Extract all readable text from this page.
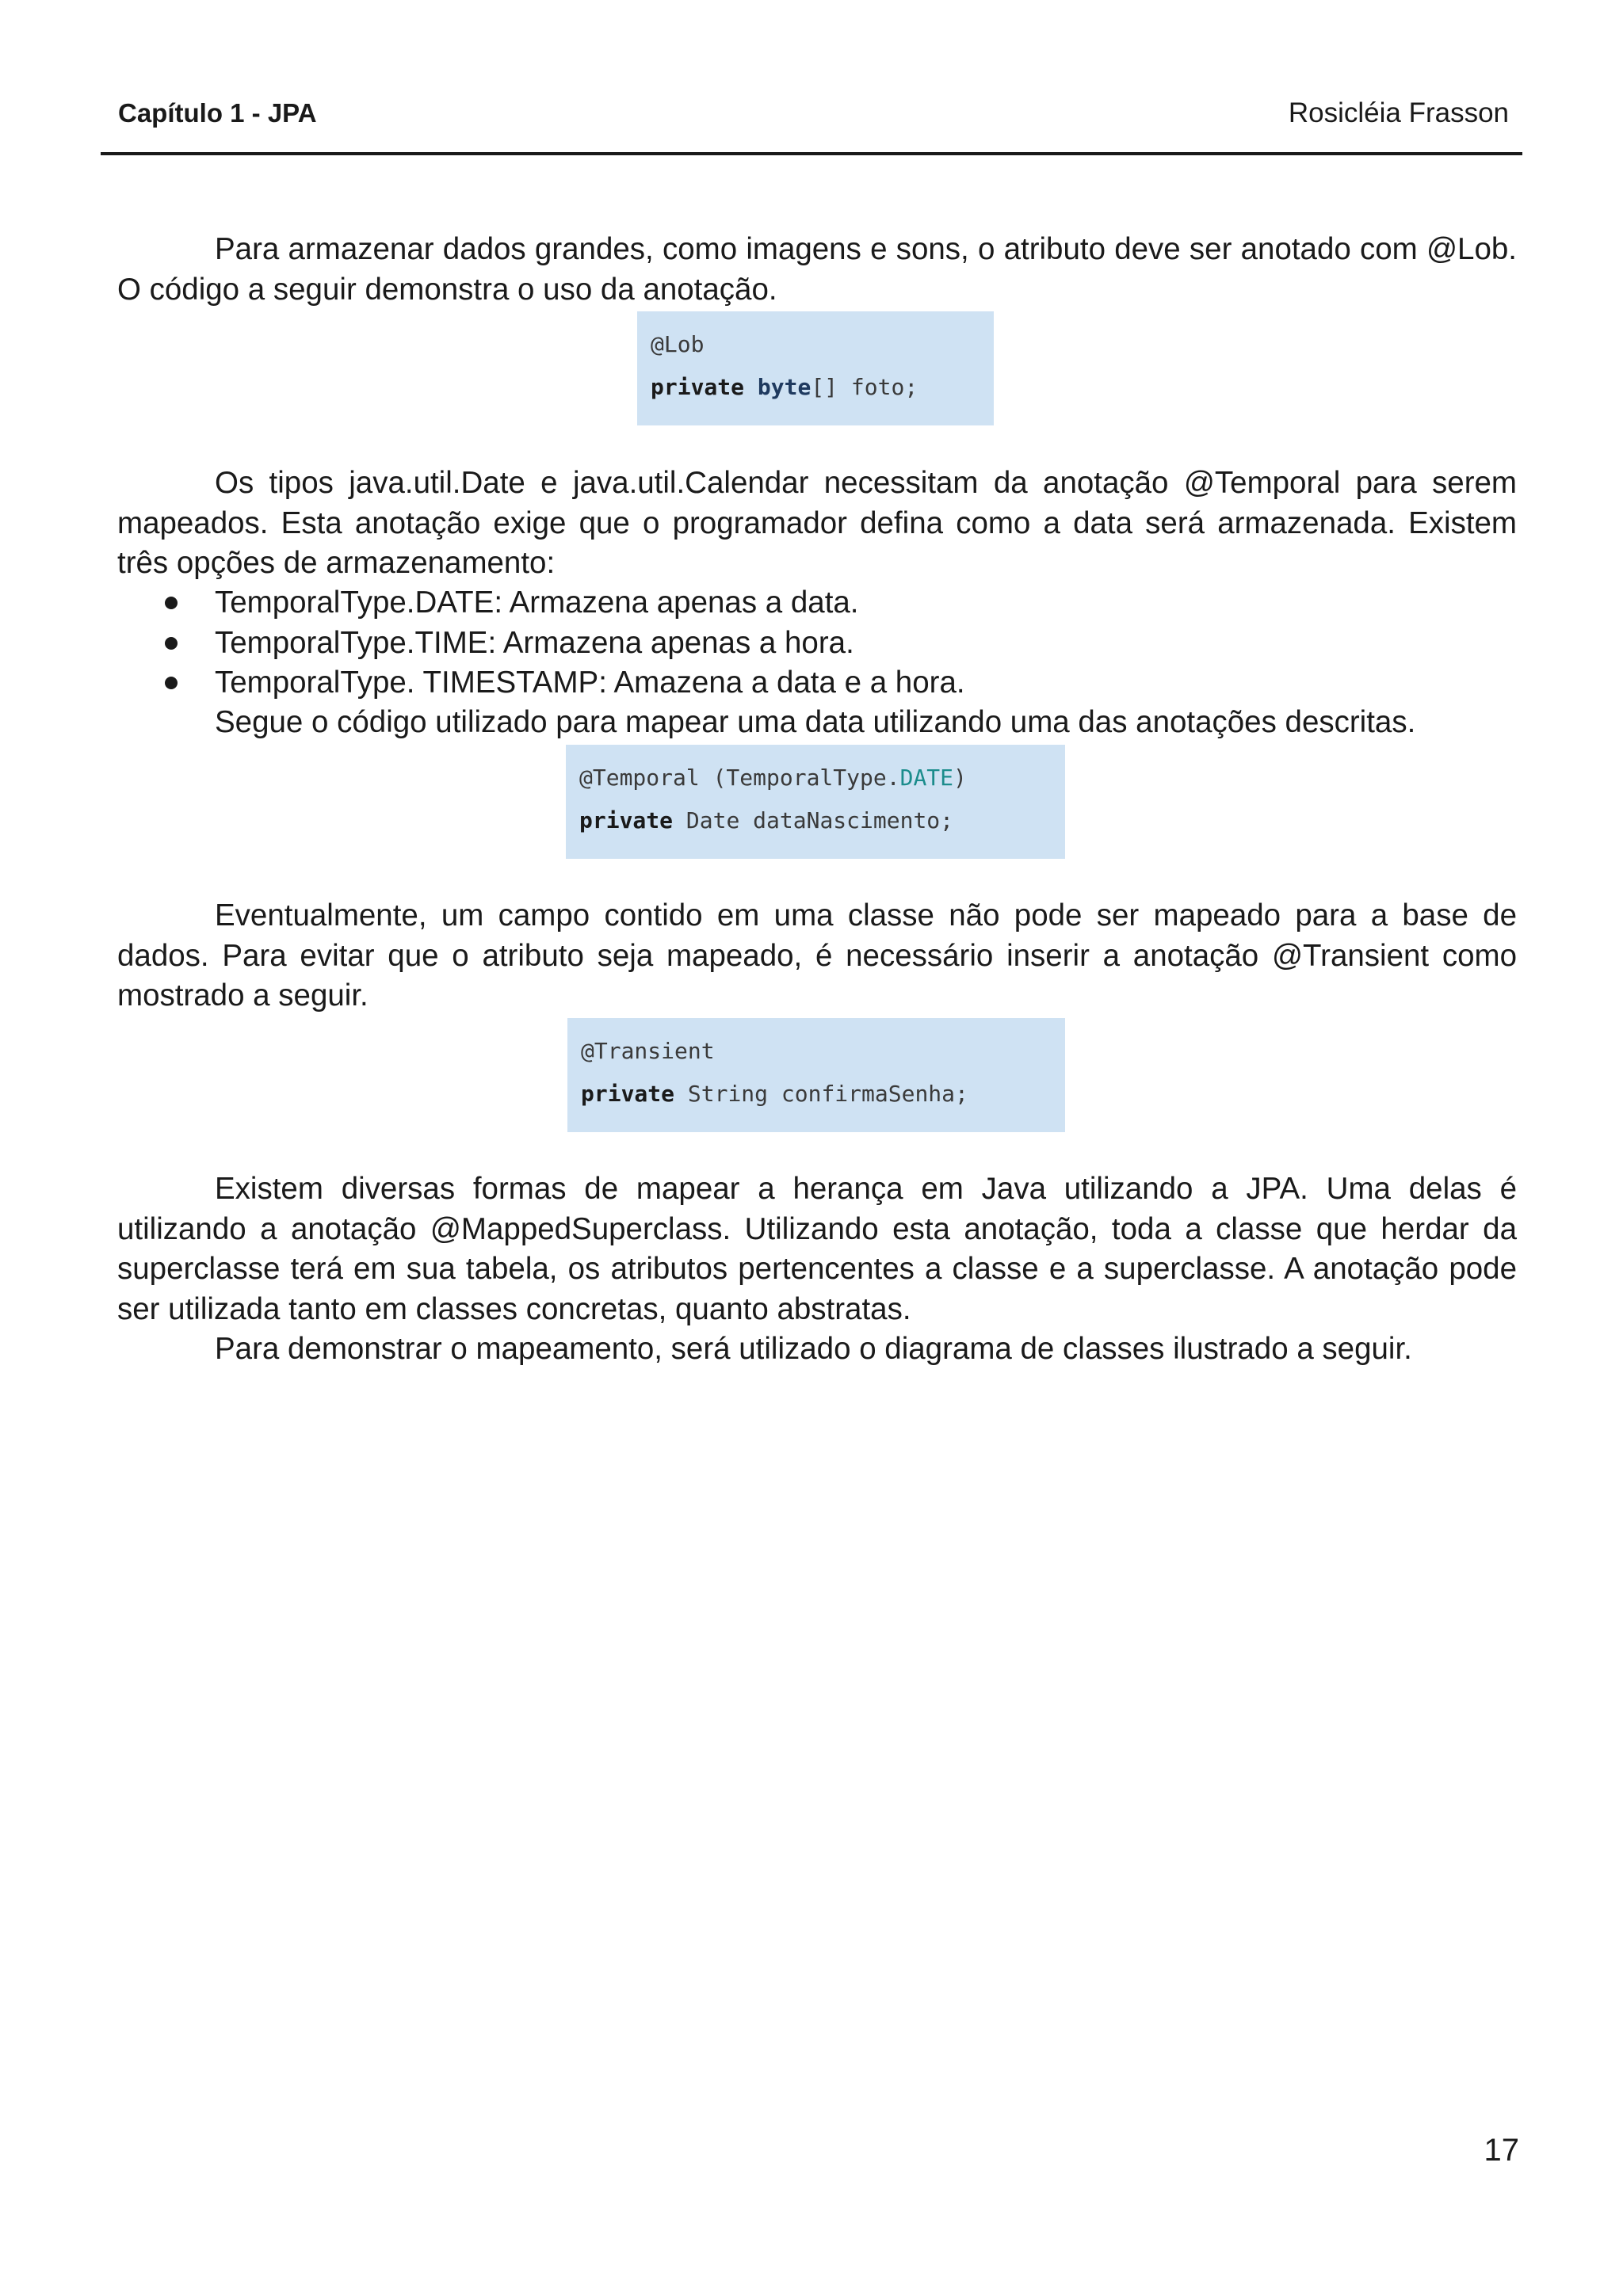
Capítulo 1 - JPA	Rosicléia Frasson

Para armazenar dados grandes, como imagens e sons, o atributo deve ser anotado com @Lob. O código a seguir demonstra o uso da anotação.

@Lob
private byte[] foto;

Os tipos java.util.Date e java.util.Calendar necessitam da anotação @Temporal para serem mapeados. Esta anotação exige que o programador defina como a data será armazenada. Existem três opções de armazenamento:

TemporalType.DATE: Armazena apenas a data.
TemporalType.TIME: Armazena apenas a hora.
TemporalType. TIMESTAMP: Amazena a data e a hora.

Segue o código utilizado para mapear uma data utilizando uma das anotações descritas.

@Temporal (TemporalType.DATE)
private Date dataNascimento;

Eventualmente, um campo contido em uma classe não pode ser mapeado para a base de dados. Para evitar que o atributo seja mapeado, é necessário inserir a anotação @Transient como mostrado a seguir.

@Transient
private String confirmaSenha;

Existem diversas formas de mapear a herança em Java utilizando a JPA. Uma delas é utilizando a anotação @MappedSuperclass. Utilizando esta anotação, toda a classe que herdar da superclasse terá em sua tabela, os atributos pertencentes a classe e a superclasse. A anotação pode ser utilizada tanto em classes concretas, quanto abstratas.

Para demonstrar o mapeamento, será utilizado o diagrama de classes ilustrado a seguir.

17
